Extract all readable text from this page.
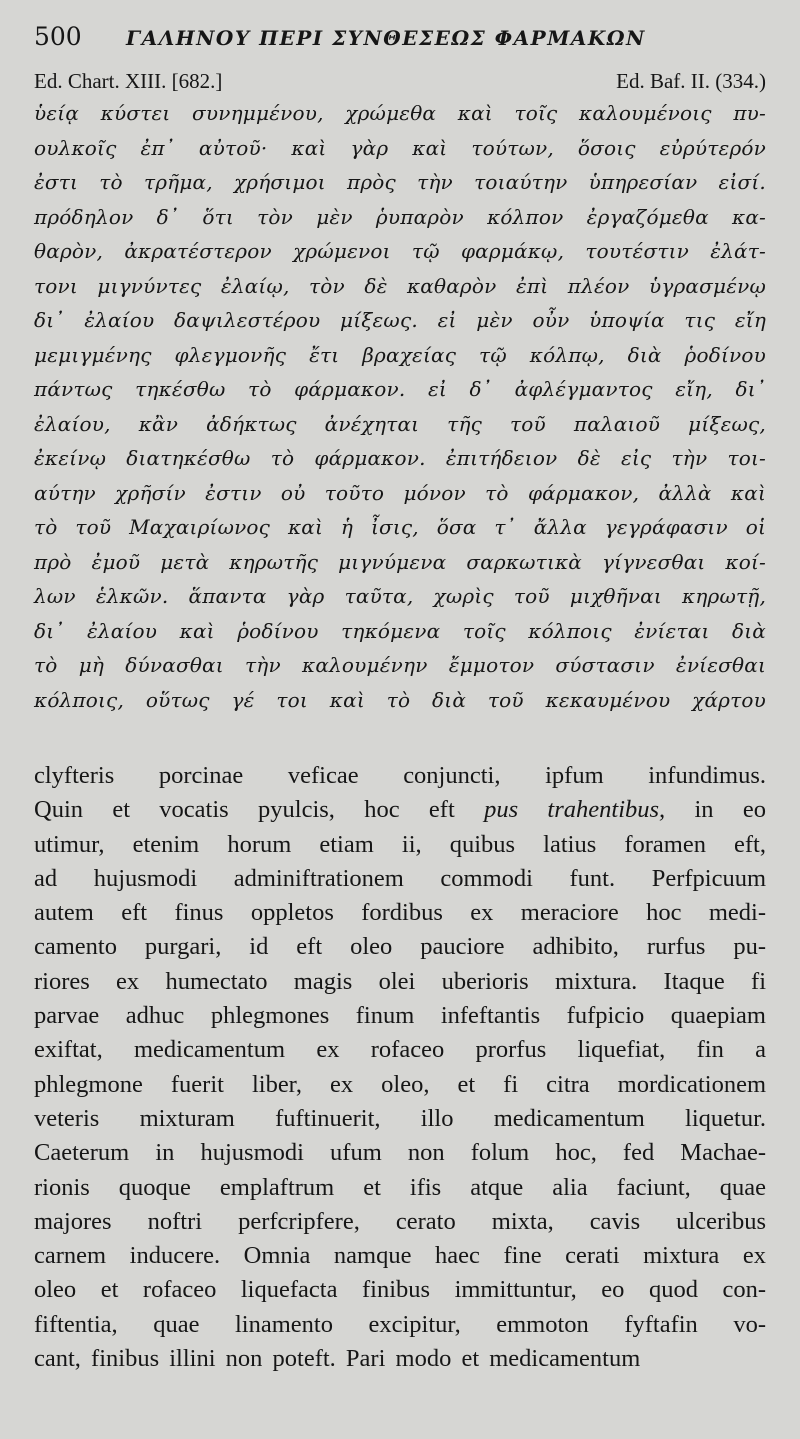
500	ΓΑΛΗΝΟΥ ΠΕΡΙ ΣΥΝΘΕΣΕΩΣ ΦΑΡΜΑΚΩΝ
Ed. Chart. XIII. [682.]	Ed. Baf. II. (334.)
ὑείᾳ κύστει συνημμένου, χρώμεθα καὶ τοῖς καλουμένοις πυ-
ουλκοῖς ἐπ᾽ αὐτοῦ· καὶ γὰρ καὶ τούτων, ὅσοις εὐρύτερόν
ἐστι τὸ τρῆμα, χρήσιμοι πρὸς τὴν τοιαύτην ὑπηρεσίαν εἰσί.
πρόδηλον δ᾽ ὅτι τὸν μὲν ῥυπαρὸν κόλπον ἐργαζόμεθα κα-
θαρὸν, ἀκρατέστερον χρώμενοι τῷ φαρμάκῳ, τουτέστιν ἐλάτ-
τονι μιγνύντες ἐλαίῳ, τὸν δὲ καθαρὸν ἐπὶ πλέον ὑγρασμένῳ
δι᾽ ἐλαίου δαψιλεστέρου μίξεως. εἰ μὲν οὖν ὑποψία τις εἴη
μεμιγμένης φλεγμονῆς ἔτι βραχείας τῷ κόλπῳ, διὰ ῥοδίνου
πάντως τηκέσθω τὸ φάρμακον. εἰ δ᾽ ἀφλέγμαντος εἴη, δι᾽
ἐλαίου, κἂν ἀδήκτως ἀνέχηται τῆς τοῦ παλαιοῦ μίξεως,
ἐκείνῳ διατηκέσθω τὸ φάρμακον. ἐπιτήδειον δὲ εἰς τὴν τοι-
αύτην χρῆσίν ἐστιν οὐ τοῦτο μόνον τὸ φάρμακον, ἀλλὰ καὶ
τὸ τοῦ Μαχαιρίωνος καὶ ἡ ἶσις, ὅσα τ᾽ ἄλλα γεγράφασιν οἱ
πρὸ ἐμοῦ μετὰ κηρωτῆς μιγνύμενα σαρκωτικὰ γίγνεσθαι κοί-
λων ἑλκῶν. ἅπαντα γὰρ ταῦτα, χωρὶς τοῦ μιχθῆναι κηρωτῇ,
δι᾽ ἐλαίου καὶ ῥοδίνου τηκόμενα τοῖς κόλποις ἐνίεται διὰ
τὸ μὴ δύνασθαι τὴν καλουμένην ἔμμοτον σύστασιν ἐνίεσθαι
κόλποις, οὕτως γέ τοι καὶ τὸ διὰ τοῦ κεκαυμένου χάρτου
clyfteris porcinae veficae conjuncti, ipfum infundimus.
Quin et vocatis pyulcis, hoc eft pus trahentibus, in eo
utimur, etenim horum etiam ii, quibus latius foramen eft,
ad hujusmodi adminiftrationem commodi funt. Perfpicuum
autem eft finus oppletos fordibus ex meraciore hoc medi-
camento purgari, id eft oleo pauciore adhibito, rurfus pu-
riores ex humectato magis olei uberioris mixtura. Itaque fi
parvae adhuc phlegmones finum infeftantis fufpicio quaepiam
exiftat, medicamentum ex rofaceo prorfus liquefiat, fin a
phlegmone fuerit liber, ex oleo, et fi citra mordicationem
veteris mixturam fuftinuerit, illo medicamentum liquetur.
Caeterum in hujusmodi ufum non folum hoc, fed Machae-
rionis quoque emplaftrum et ifis atque alia faciunt, quae
majores noftri perfcripfere, cerato mixta, cavis ulceribus
carnem inducere. Omnia namque haec fine cerati mixtura ex
oleo et rofaceo liquefacta finibus immittuntur, eo quod con-
fiftentia, quae linamento excipitur, emmoton fyftafin vo-
cant, finibus illini non poteft. Pari modo et medicamentum
